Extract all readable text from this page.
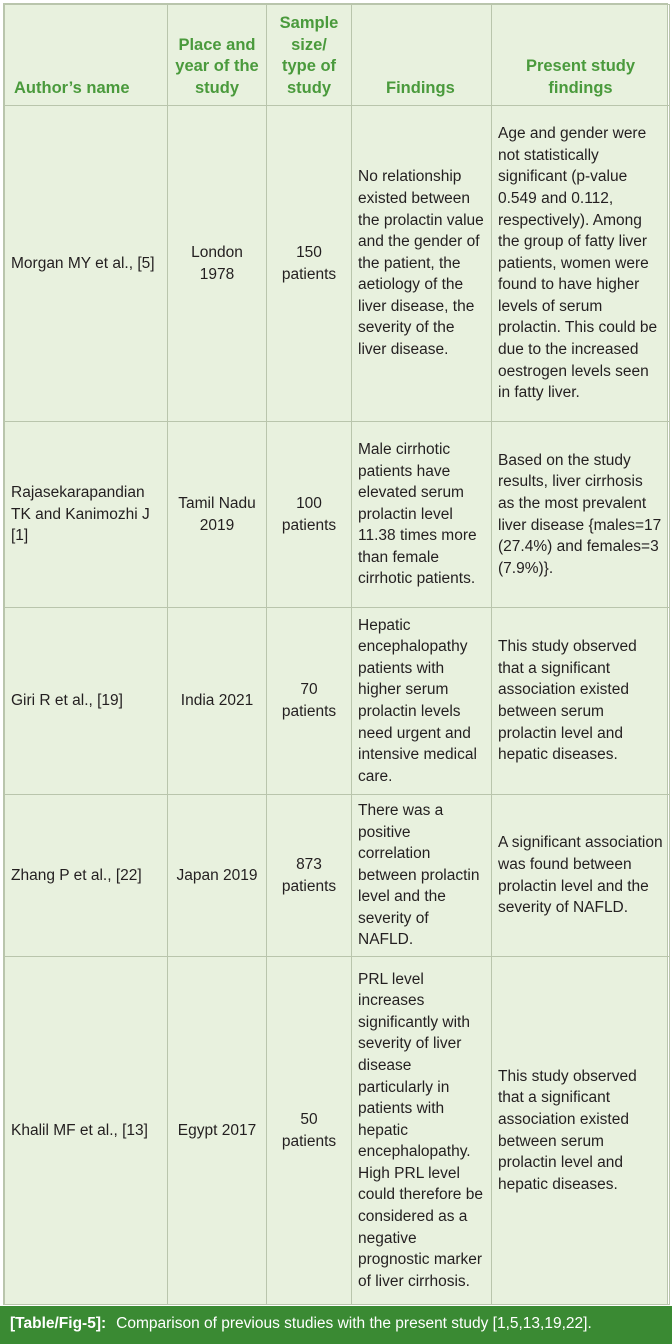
Author’s name	Place and year of the study	Sample size/ type of study	Findings	Present study findings
Morgan MY et al., [5]	London 1978	150 patients	No relationship existed between the prolactin value and the gender of the patient, the aetiology of the liver disease, the severity of the liver disease.	Age and gender were not statistically significant (p-value 0.549 and 0.112, respectively). Among the group of fatty liver patients, women were found to have higher levels of serum prolactin. This could be due to the increased oestrogen levels seen in fatty liver.
Rajasekarapandian TK and Kanimozhi J [1]	Tamil Nadu 2019	100 patients	Male cirrhotic patients have elevated serum prolactin level 11.38 times more than female cirrhotic patients.	Based on the study results, liver cirrhosis as the most prevalent liver disease {males=17 (27.4%) and females=3 (7.9%)}.
Giri R et al., [19]	India 2021	70 patients	Hepatic encephalopathy patients with higher serum prolactin levels need urgent and intensive medical care.	This study observed that a significant association existed between serum prolactin level and hepatic diseases.
Zhang P et al., [22]	Japan 2019	873 patients	There was a positive correlation between prolactin level and the severity of NAFLD.	A significant association was found between prolactin level and the severity of NAFLD.
Khalil MF et al., [13]	Egypt 2017	50 patients	PRL level increases significantly with severity of liver disease particularly in patients with hepatic encephalopathy. High PRL level could therefore be considered as a negative prognostic marker of liver cirrhosis.	This study observed that a significant association existed between serum prolactin level and hepatic diseases.
[Table/Fig-5]: Comparison of previous studies with the present study [1,5,13,19,22].
